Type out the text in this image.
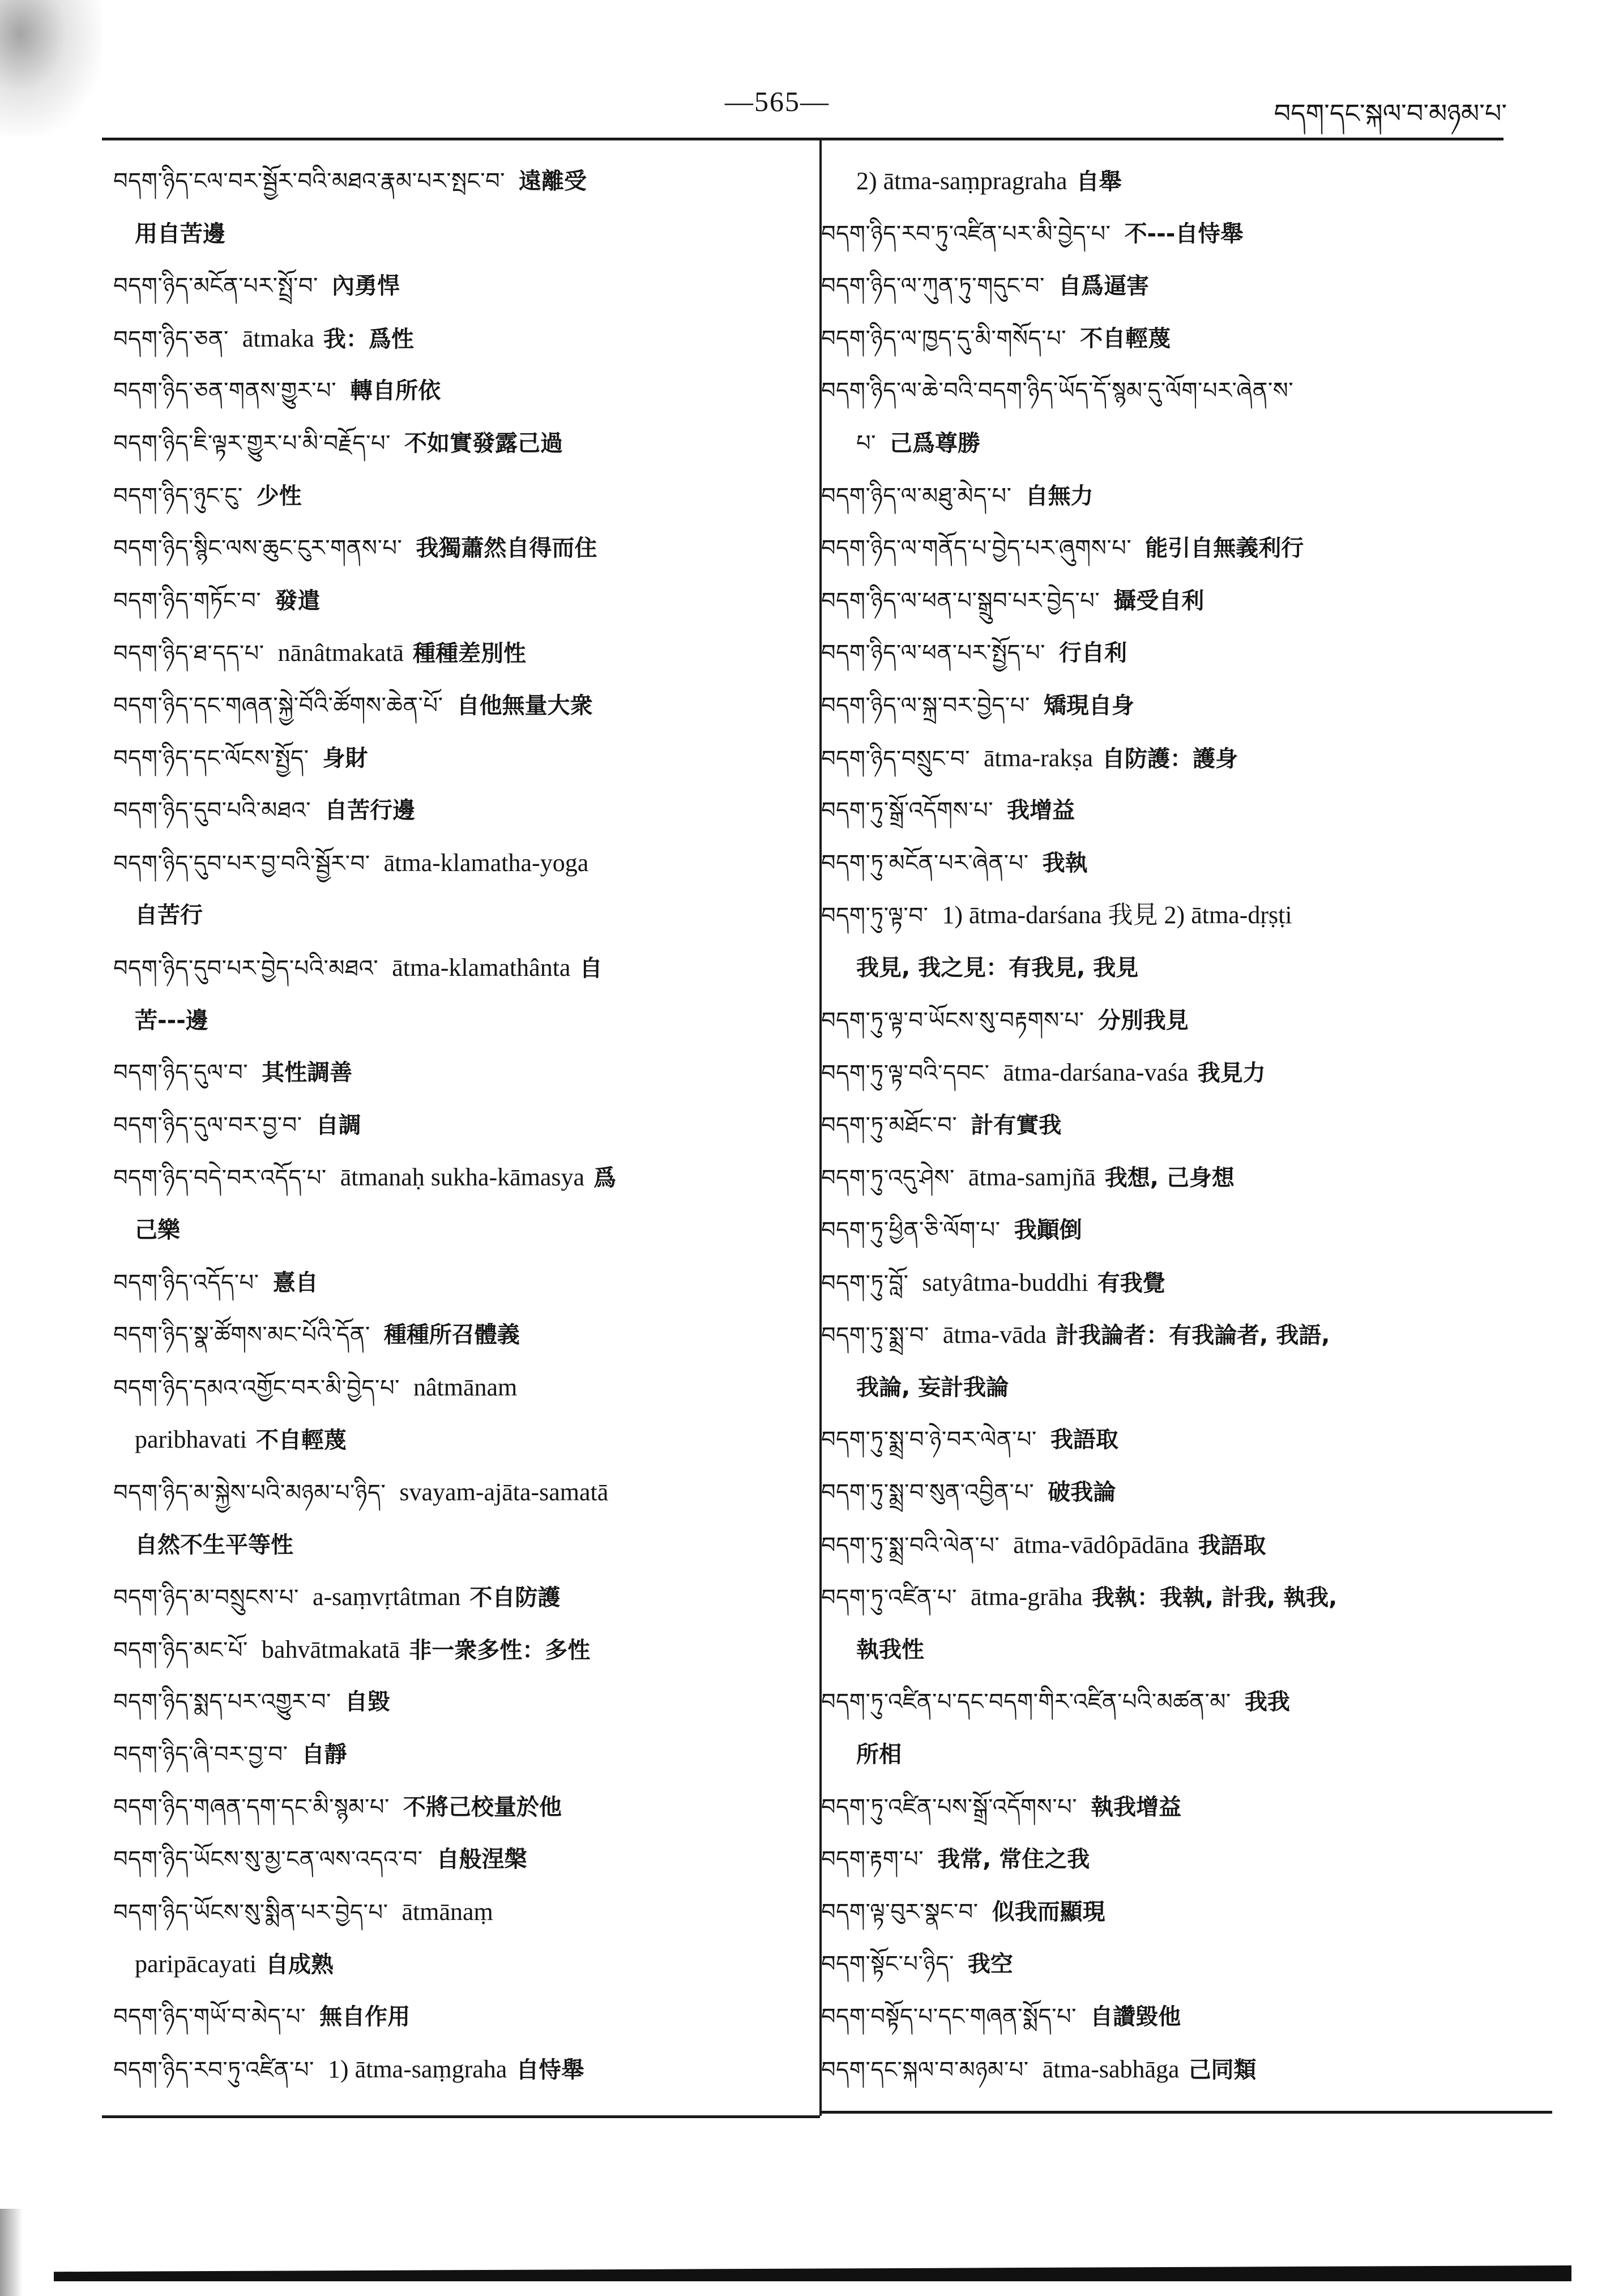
—565—	བདག་དང་སྐལ་བ་མཉམ་པ་
བདག་ཉིད་ངལ་བར་སྦྱོར་བའི་མཐའ་རྣམ་པར་སྤང་བ་ 遠離受
用自苦邊
བདག་ཉིད་མངོན་པར་སྤྲོ་བ་ 內勇悍
བདག་ཉིད་ཅན་ ātmaka 我：爲性
བདག་ཉིད་ཅན་གནས་གྱུར་པ་ 轉自所依
བདག་ཉིད་ཇི་ལྟར་གྱུར་པ་མི་བརྗོད་པ་ 不如實發露己過
བདག་ཉིད་ཉུང་ངུ་ 少性
བདག་ཉིད་སྙིང་ལས་ཆུང་ངུར་གནས་པ་ 我獨蕭然自得而住
བདག་ཉིད་གཏོང་བ་ 發遣
བདག་ཉིད་ཐ་དད་པ་ nānâtmakatā 種種差別性
བདག་ཉིད་དང་གཞན་སྐྱེ་བོའི་ཚོགས་ཆེན་པོ་ 自他無量大衆
བདག་ཉིད་དང་ལོངས་སྤྱོད་ 身財
བདག་ཉིད་དུབ་པའི་མཐའ་ 自苦行邊
བདག་ཉིད་དུབ་པར་བྱ་བའི་སྦྱོར་བ་ ātma-klamatha-yoga
自苦行
བདག་ཉིད་དུབ་པར་བྱེད་པའི་མཐའ་ ātma-klamathânta 自
苦---邊
བདག་ཉིད་དུལ་བ་ 其性調善
བདག་ཉིད་དུལ་བར་བྱ་བ་ 自調
བདག་ཉིད་བདེ་བར་འདོད་པ་ ātmanaḥ sukha-kāmasya 爲
己樂
བདག་ཉིད་འདོད་པ་ 憙自
བདག་ཉིད་སྣ་ཚོགས་མང་པོའི་དོན་ 種種所召體義
བདག་ཉིད་དམའ་འགྱོང་བར་མི་བྱེད་པ་ nâtmānam
paribhavati 不自輕蔑
བདག་ཉིད་མ་སྐྱེས་པའི་མཉམ་པ་ཉིད་ svayam-ajāta-samatā
自然不生平等性
བདག་ཉིད་མ་བསྲུངས་པ་ a-saṃvṛtâtman 不自防護
བདག་ཉིད་མང་པོ་ bahvātmakatā 非一衆多性：多性
བདག་ཉིད་སྨད་པར་འགྱུར་བ་ 自毀
བདག་ཉིད་ཞི་བར་བྱ་བ་ 自靜
བདག་ཉིད་གཞན་དག་དང་མི་སྙམ་པ་ 不將己校量於他
བདག་ཉིད་ཡོངས་སུ་མྱ་ངན་ལས་འདའ་བ་ 自般涅槃
བདག་ཉིད་ཡོངས་སུ་སྨིན་པར་བྱེད་པ་ ātmānaṃ
paripācayati 自成熟
བདག་ཉིད་གཡོ་བ་མེད་པ་ 無自作用
བདག་ཉིད་རབ་ཏུ་འཛིན་པ་ 1) ātma-saṃgraha 自恃舉
2) ātma-saṃpragraha 自舉
བདག་ཉིད་རབ་ཏུ་འཛིན་པར་མི་བྱེད་པ་ 不---自恃舉
བདག་ཉིད་ལ་ཀུན་ཏུ་གདུང་བ་ 自爲逼害
བདག་ཉིད་ལ་ཁྱད་དུ་མི་གསོད་པ་ 不自輕蔑
བདག་ཉིད་ལ་ཆེ་བའི་བདག་ཉིད་ཡོད་དོ་སྙམ་དུ་ལོག་པར་ཞེན་ས་
པ་ 己爲尊勝
བདག་ཉིད་ལ་མཐུ་མེད་པ་ 自無力
བདག་ཉིད་ལ་གནོད་པ་བྱེད་པར་ཞུགས་པ་ 能引自無義利行
བདག་ཉིད་ལ་ཕན་པ་སྒྲུབ་པར་བྱེད་པ་ 攝受自利
བདག་ཉིད་ལ་ཕན་པར་སྤྱོད་པ་ 行自利
བདག་ཉིད་ལ་སྐྲ་བར་བྱེད་པ་ 矯現自身
བདག་ཉིད་བསྲུང་བ་ ātma-rakṣa 自防護：護身
བདག་ཏུ་སྒྲོ་འདོགས་པ་ 我增益
བདག་ཏུ་མངོན་པར་ཞེན་པ་ 我執
བདག་ཏུ་ལྟ་བ་ 1) ātma-darśana 我見 2) ātma-dṛṣṭi
我見, 我之見：有我見, 我見
བདག་ཏུ་ལྟ་བ་ཡོངས་སུ་བརྟགས་པ་ 分別我見
བདག་ཏུ་ལྟ་བའི་དབང་ ātma-darśana-vaśa 我見力
བདག་ཏུ་མཐོང་བ་ 計有實我
བདག་ཏུ་འདུ་ཤེས་ ātma-samjñā 我想, 己身想
བདག་ཏུ་ཕྱིན་ཅི་ལོག་པ་ 我顚倒
བདག་ཏུ་བློ་ satyâtma-buddhi 有我覺
བདག་ཏུ་སྨྲ་བ་ ātma-vāda 計我論者：有我論者, 我語,
我論, 妄計我論
བདག་ཏུ་སྨྲ་བ་ཉེ་བར་ལེན་པ་ 我語取
བདག་ཏུ་སྨྲ་བ་སུན་འབྱིན་པ་ 破我論
བདག་ཏུ་སྨྲ་བའི་ལེན་པ་ ātma-vādôpādāna 我語取
བདག་ཏུ་འཛིན་པ་ ātma-grāha 我執：我執, 計我, 執我,
執我性
བདག་ཏུ་འཛིན་པ་དང་བདག་གིར་འཛིན་པའི་མཚན་མ་ 我我
所相
བདག་ཏུ་འཛིན་པས་སྒྲོ་འདོགས་པ་ 執我增益
བདག་རྟག་པ་ 我常, 常住之我
བདག་ལྟ་བུར་སྣང་བ་ 似我而顯現
བདག་སྟོང་པ་ཉིད་ 我空
བདག་བསྟོད་པ་དང་གཞན་སྨོད་པ་ 自讚毀他
བདག་དང་སྐལ་བ་མཉམ་པ་ ātma-sabhāga 己同類
